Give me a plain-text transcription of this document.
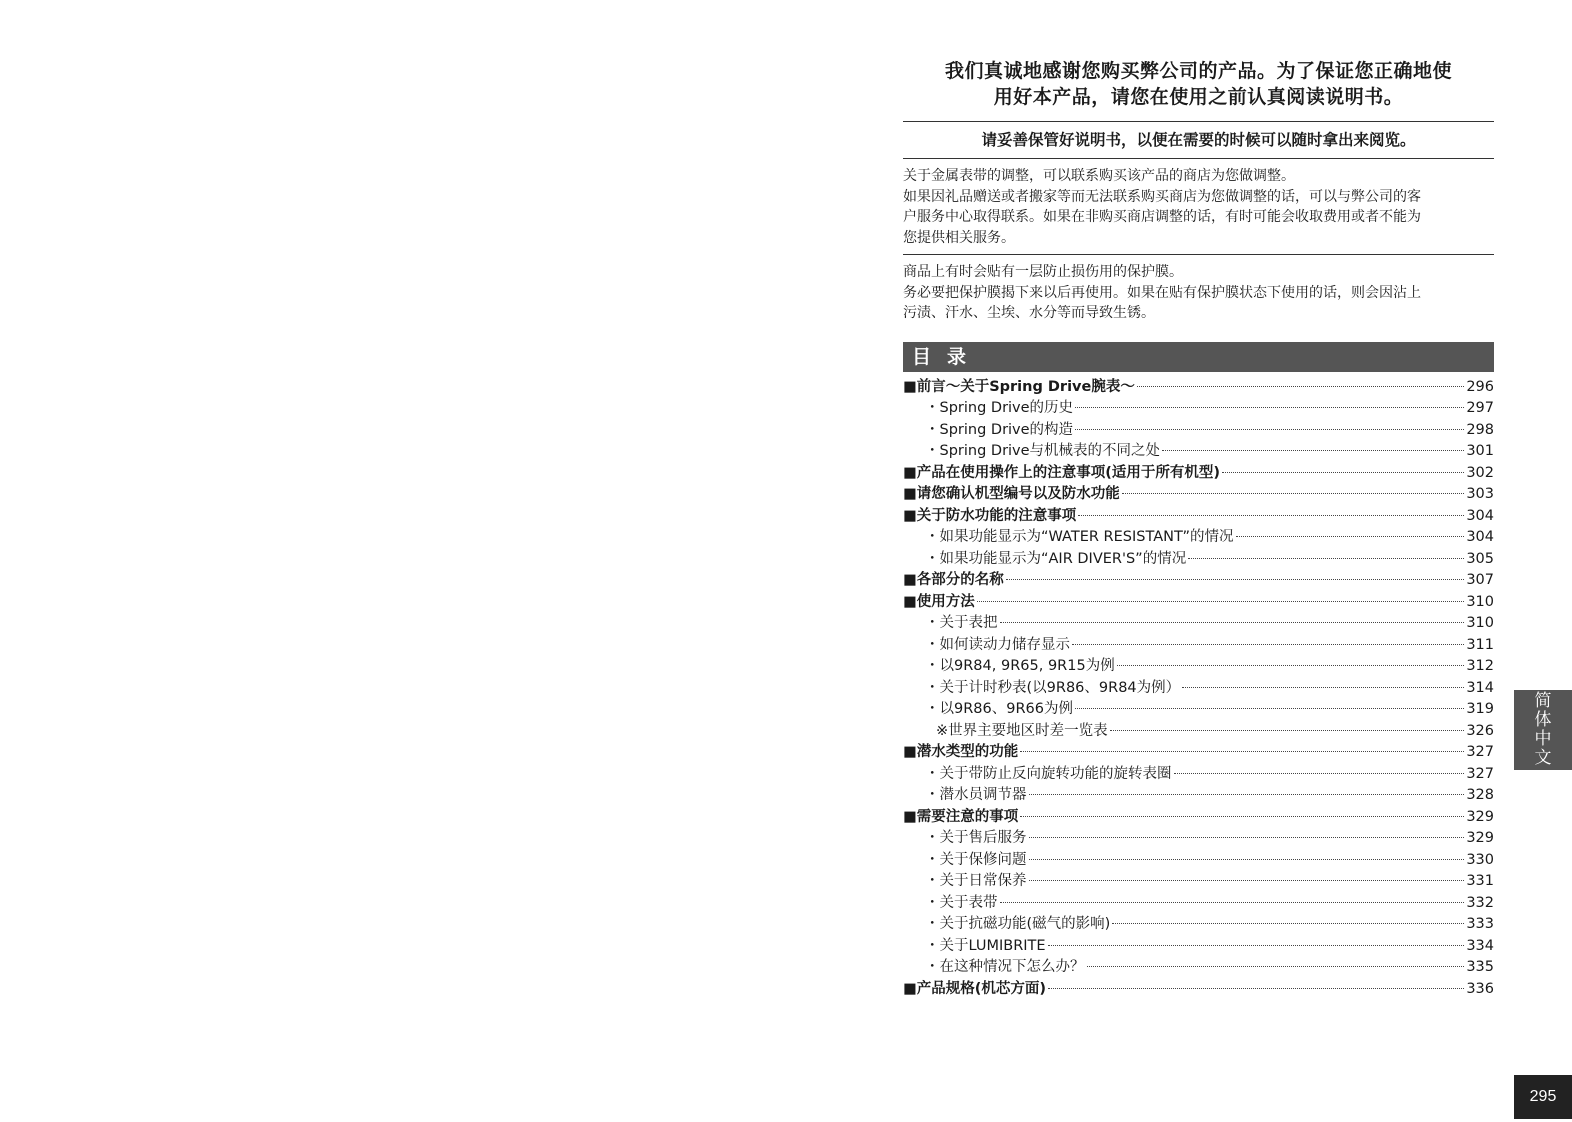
我们真诚地感谢您购买弊公司的产品。为了保证您正确地使
用好本产品，请您在使用之前认真阅读说明书。
请妥善保管好说明书，以便在需要的时候可以随时拿出来阅览。
关于金属表带的调整，可以联系购买该产品的商店为您做调整。
如果因礼品赠送或者搬家等而无法联系购买商店为您做调整的话，可以与弊公司的客
户服务中心取得联系。如果在非购买商店调整的话，有时可能会收取费用或者不能为
您提供相关服务。
商品上有时会贴有一层防止损伤用的保护膜。
务必要把保护膜揭下来以后再使用。如果在贴有保护膜状态下使用的话，则会因沾上
污渍、汗水、尘埃、水分等而导致生锈。
目录
■前言～关于Spring Drive腕表～	296
・Spring Drive的历史	297
・Spring Drive的构造	298
・Spring Drive与机械表的不同之处	301
■产品在使用操作上的注意事项(适用于所有机型)	302
■请您确认机型编号以及防水功能	303
■关于防水功能的注意事项	304
・如果功能显示为“WATER RESISTANT”的情况	304
・如果功能显示为“AIR DIVER'S”的情况	305
■各部分的名称	307
■使用方法	310
・关于表把	310
・如何读动力储存显示	311
・以9R84, 9R65, 9R15为例	312
・关于计时秒表(以9R86、9R84为例）	314
・以9R86、9R66为例	319
※世界主要地区时差一览表	326
■潜水类型的功能	327
・关于带防止反向旋转功能的旋转表圈	327
・潜水员调节器	328
■需要注意的事项	329
・关于售后服务	329
・关于保修问题	330
・关于日常保养	331
・关于表带	332
・关于抗磁功能(磁气的影响)	333
・关于LUMIBRITE	334
・在这种情况下怎么办？	335
■产品规格(机芯方面)	336
简
体
中
文
295
